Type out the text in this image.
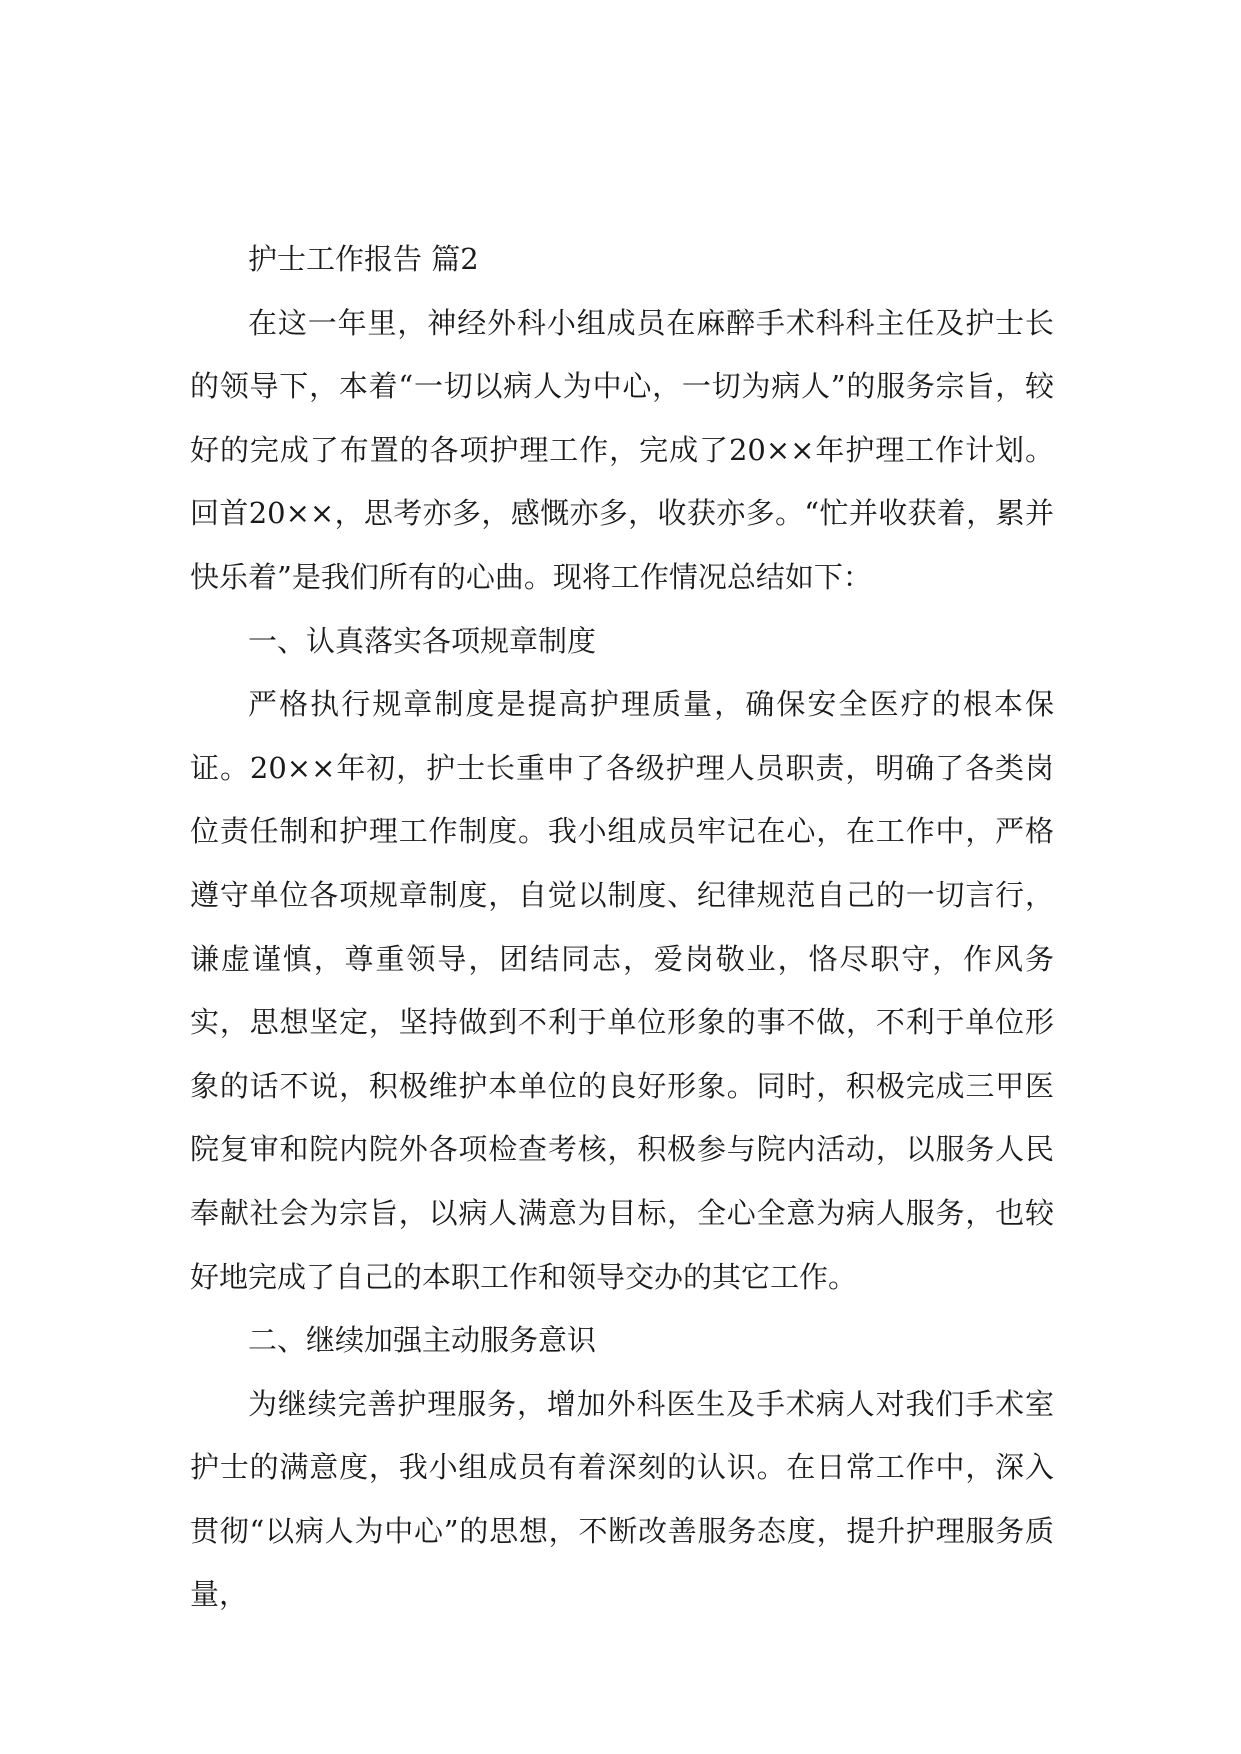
护士工作报告 篇2

在这一年里，神经外科小组成员在麻醉手术科科主任及护士长的领导下，本着“一切以病人为中心，一切为病人”的服务宗旨，较好的完成了布置的各项护理工作，完成了20××年护理工作计划。回首20××，思考亦多，感慨亦多，收获亦多。“忙并收获着，累并快乐着”是我们所有的心曲。现将工作情况总结如下：

一、认真落实各项规章制度

严格执行规章制度是提高护理质量，确保安全医疗的根本保证。20××年初，护士长重申了各级护理人员职责，明确了各类岗位责任制和护理工作制度。我小组成员牢记在心，在工作中，严格遵守单位各项规章制度，自觉以制度、纪律规范自己的一切言行，谦虚谨慎，尊重领导，团结同志，爱岗敬业，恪尽职守，作风务实，思想坚定，坚持做到不利于单位形象的事不做，不利于单位形象的话不说，积极维护本单位的良好形象。同时，积极完成三甲医院复审和院内院外各项检查考核，积极参与院内活动，以服务人民奉献社会为宗旨，以病人满意为目标，全心全意为病人服务，也较好地完成了自己的本职工作和领导交办的其它工作。

二、继续加强主动服务意识

为继续完善护理服务，增加外科医生及手术病人对我们手术室护士的满意度，我小组成员有着深刻的认识。在日常工作中，深入贯彻“以病人为中心”的思想，不断改善服务态度，提升护理服务质量，
